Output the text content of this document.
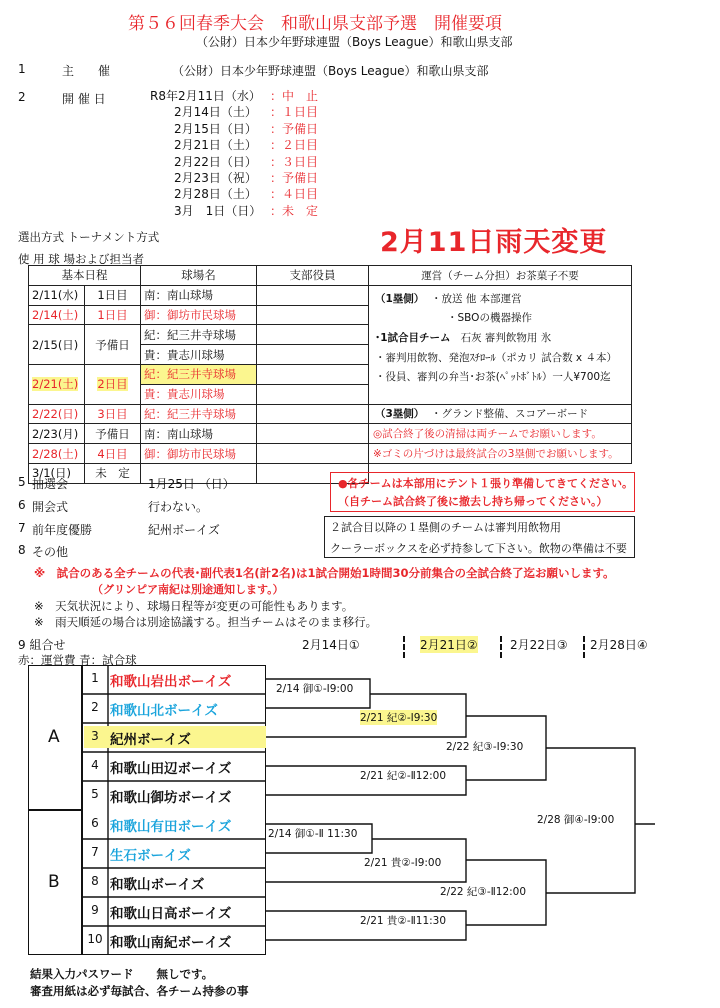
第５６回春季大会　和歌山県支部予選　開催要項
（公財）日本少年野球連盟（Boys League）和歌山県支部
1	主　　催	（公財）日本少年野球連盟（Boys League）和歌山県支部
2	開 催 日	R8年2月11日（水） ：中　止
2月14日（土） ：１日目
2月15日（日） ：予備日
2月21日（土） ：２日目
2月22日（日） ：３日目
2月23日（祝） ：予備日
2月28日（土） ：４日目
3月　1日（日） ：未　定
選出方式 トーナメント方式	2月11日雨天変更
使 用 球 場および担当者
基本日程		球場名	支部役員	運営（チーム分担）お茶菓子不要
2/11(水)	1日目	南：南山球場		（1塁側） ・放送 他 本部運営
・SBOの機器操作
･1試合目チーム 石灰 審判飲物用 氷
・審判用飲物、発泡ｽﾁﾛｰﾙ（ポカリ 試合数 x ４本）
・役員、審判の弁当･お茶(ﾍﾟｯﾄﾎﾞﾄﾙ）一人¥700迄

2/14(土)	1日目	御：御坊市民球場		
2/15(日)	予備日	紀：紀三井寺球場		
		貴：貴志川球場		
2/21(土)	2日目	紀：紀三井寺球場		
		貴：貴志川球場		
2/22(日)	3日目	紀：紀三井寺球場		（3塁側） ・グランド整備、スコアーボード
2/23(月)	予備日	南：南山球場		◎試合終了後の清掃は両チームでお願いします。
2/28(土)	4日目	御：御坊市民球場		※ゴミの片づけは最終試合の3塁側でお願いします。
3/1(日)	未　定			
5 抽選会	1月25日 （日）
6 開会式	行わない。
7 前年度優勝	紀州ボーイズ
8 その他
●各チームは本部用にテント１張り準備してきてください。
（自チーム試合終了後に撤去し持ち帰ってください。）
２試合目以降の１塁側のチームは審判用飲物用
クーラーボックスを必ず持参して下さい。飲物の準備は不要
※　試合のある全チームの代表･副代表1名(計2名)は1試合開始1時間30分前集合の全試合終了迄お願いします。
（グリンピア南紀は別途通知します。）
※　天気状況により、球場日程等が変更の可能性もあります。
※　雨天順延の場合は別途協議する。担当チームはそのまま移行。
9 組合せ
赤：運営費 青：試合球
2月14日①	2月21日②	2月22日③ 2月28日④
A
B
1 和歌山岩出ボーイズ
2 和歌山北ボーイズ
3 紀州ボーイズ
4 和歌山田辺ボーイズ
5 和歌山御坊ボーイズ
6 和歌山有田ボーイズ
7 生石ボーイズ
8 和歌山ボーイズ
9 和歌山日高ボーイズ
10 和歌山南紀ボーイズ
2/14 御①-Ⅰ9:00
2/21 紀②-Ⅰ9:30
2/22 紀③-Ⅰ9:30
2/21 紀②-Ⅱ12:00
2/28 御④-Ⅰ9:00
2/14 御①-Ⅱ 11:30
2/21 貴②-Ⅰ9:00
2/22 紀③-Ⅱ12:00
2/21 貴②-Ⅱ11:30
結果入力パスワード　　無しです。
審査用紙は必ず毎試合、各チーム持参の事
